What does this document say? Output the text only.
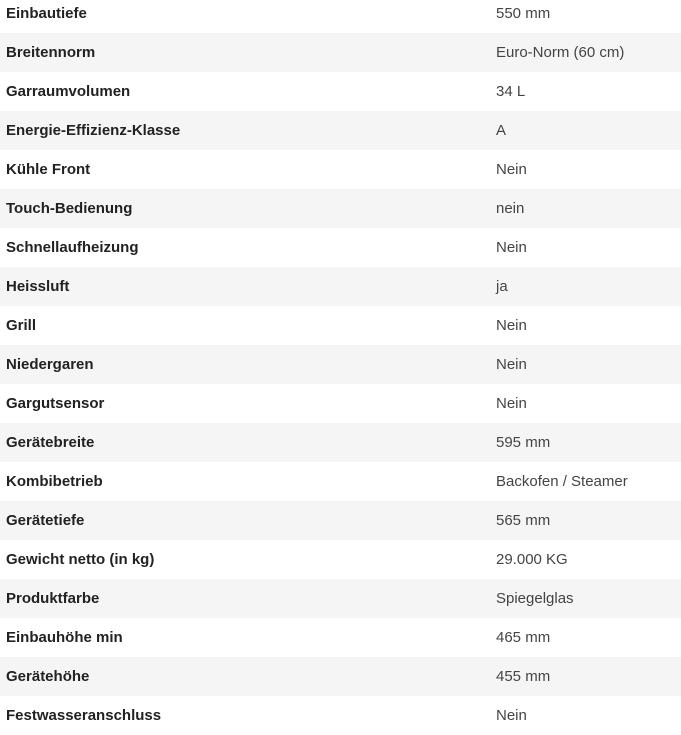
Einbautiefe	550 mm
Breitennorm	Euro-Norm (60 cm)
Garraumvolumen	34 L
Energie-Effizienz-Klasse	A
Kühle Front	Nein
Touch-Bedienung	nein
Schnellaufheizung	Nein
Heissluft	ja
Grill	Nein
Niedergaren	Nein
Gargutsensor	Nein
Gerätebreite	595 mm
Kombibetrieb	Backofen / Steamer
Gerätetiefe	565 mm
Gewicht netto (in kg)	29.000 KG
Produktfarbe	Spiegelglas
Einbauhöhe min	465 mm
Gerätehöhe	455 mm
Festwasseranschluss	Nein
